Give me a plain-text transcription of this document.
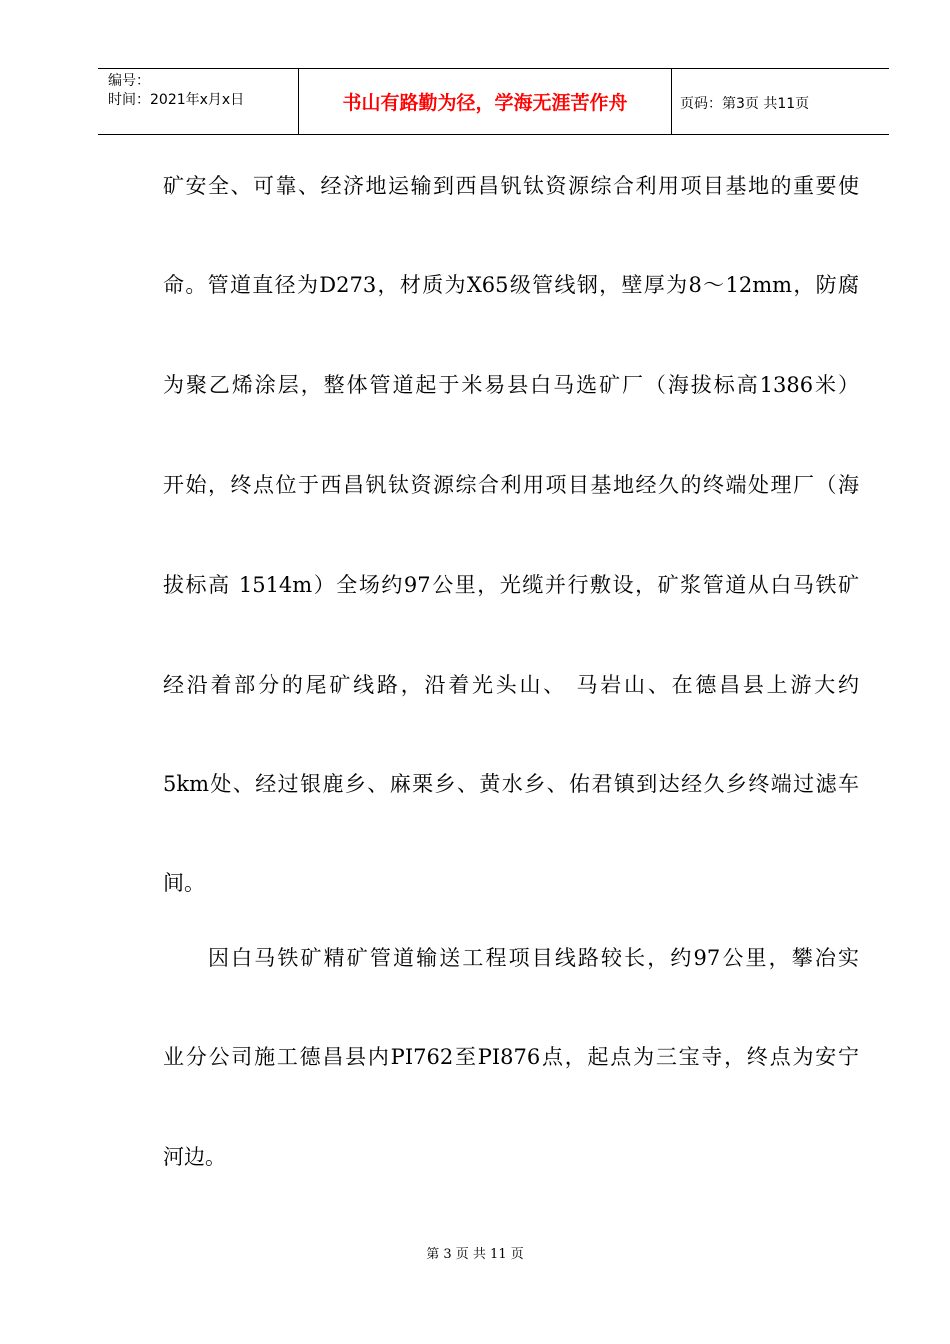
编号：
时间：2021年x月x日	书山有路勤为径，学海无涯苦作舟	页码：第3页 共11页
矿安全、可靠、经济地运输到西昌钒钛资源综合利用项目基地的重要使
命。管道直径为D273，材质为X65级管线钢，壁厚为8～12mm，防腐
为聚乙烯涂层，整体管道起于米易县白马选矿厂（海拔标高1386米）
开始，终点位于西昌钒钛资源综合利用项目基地经久的终端处理厂（海
拔标高 1514m）全场约97公里，光缆并行敷设，矿浆管道从白马铁矿
经沿着部分的尾矿线路，沿着光头山、 马岩山、在德昌县上游大约
5km处、经过银鹿乡、麻栗乡、黄水乡、佑君镇到达经久乡终端过滤车
间。
因白马铁矿精矿管道输送工程项目线路较长，约97公里，攀冶实
业分公司施工德昌县内PI762至PI876点，起点为三宝寺，终点为安宁
河边。
第 3 页 共 11 页
